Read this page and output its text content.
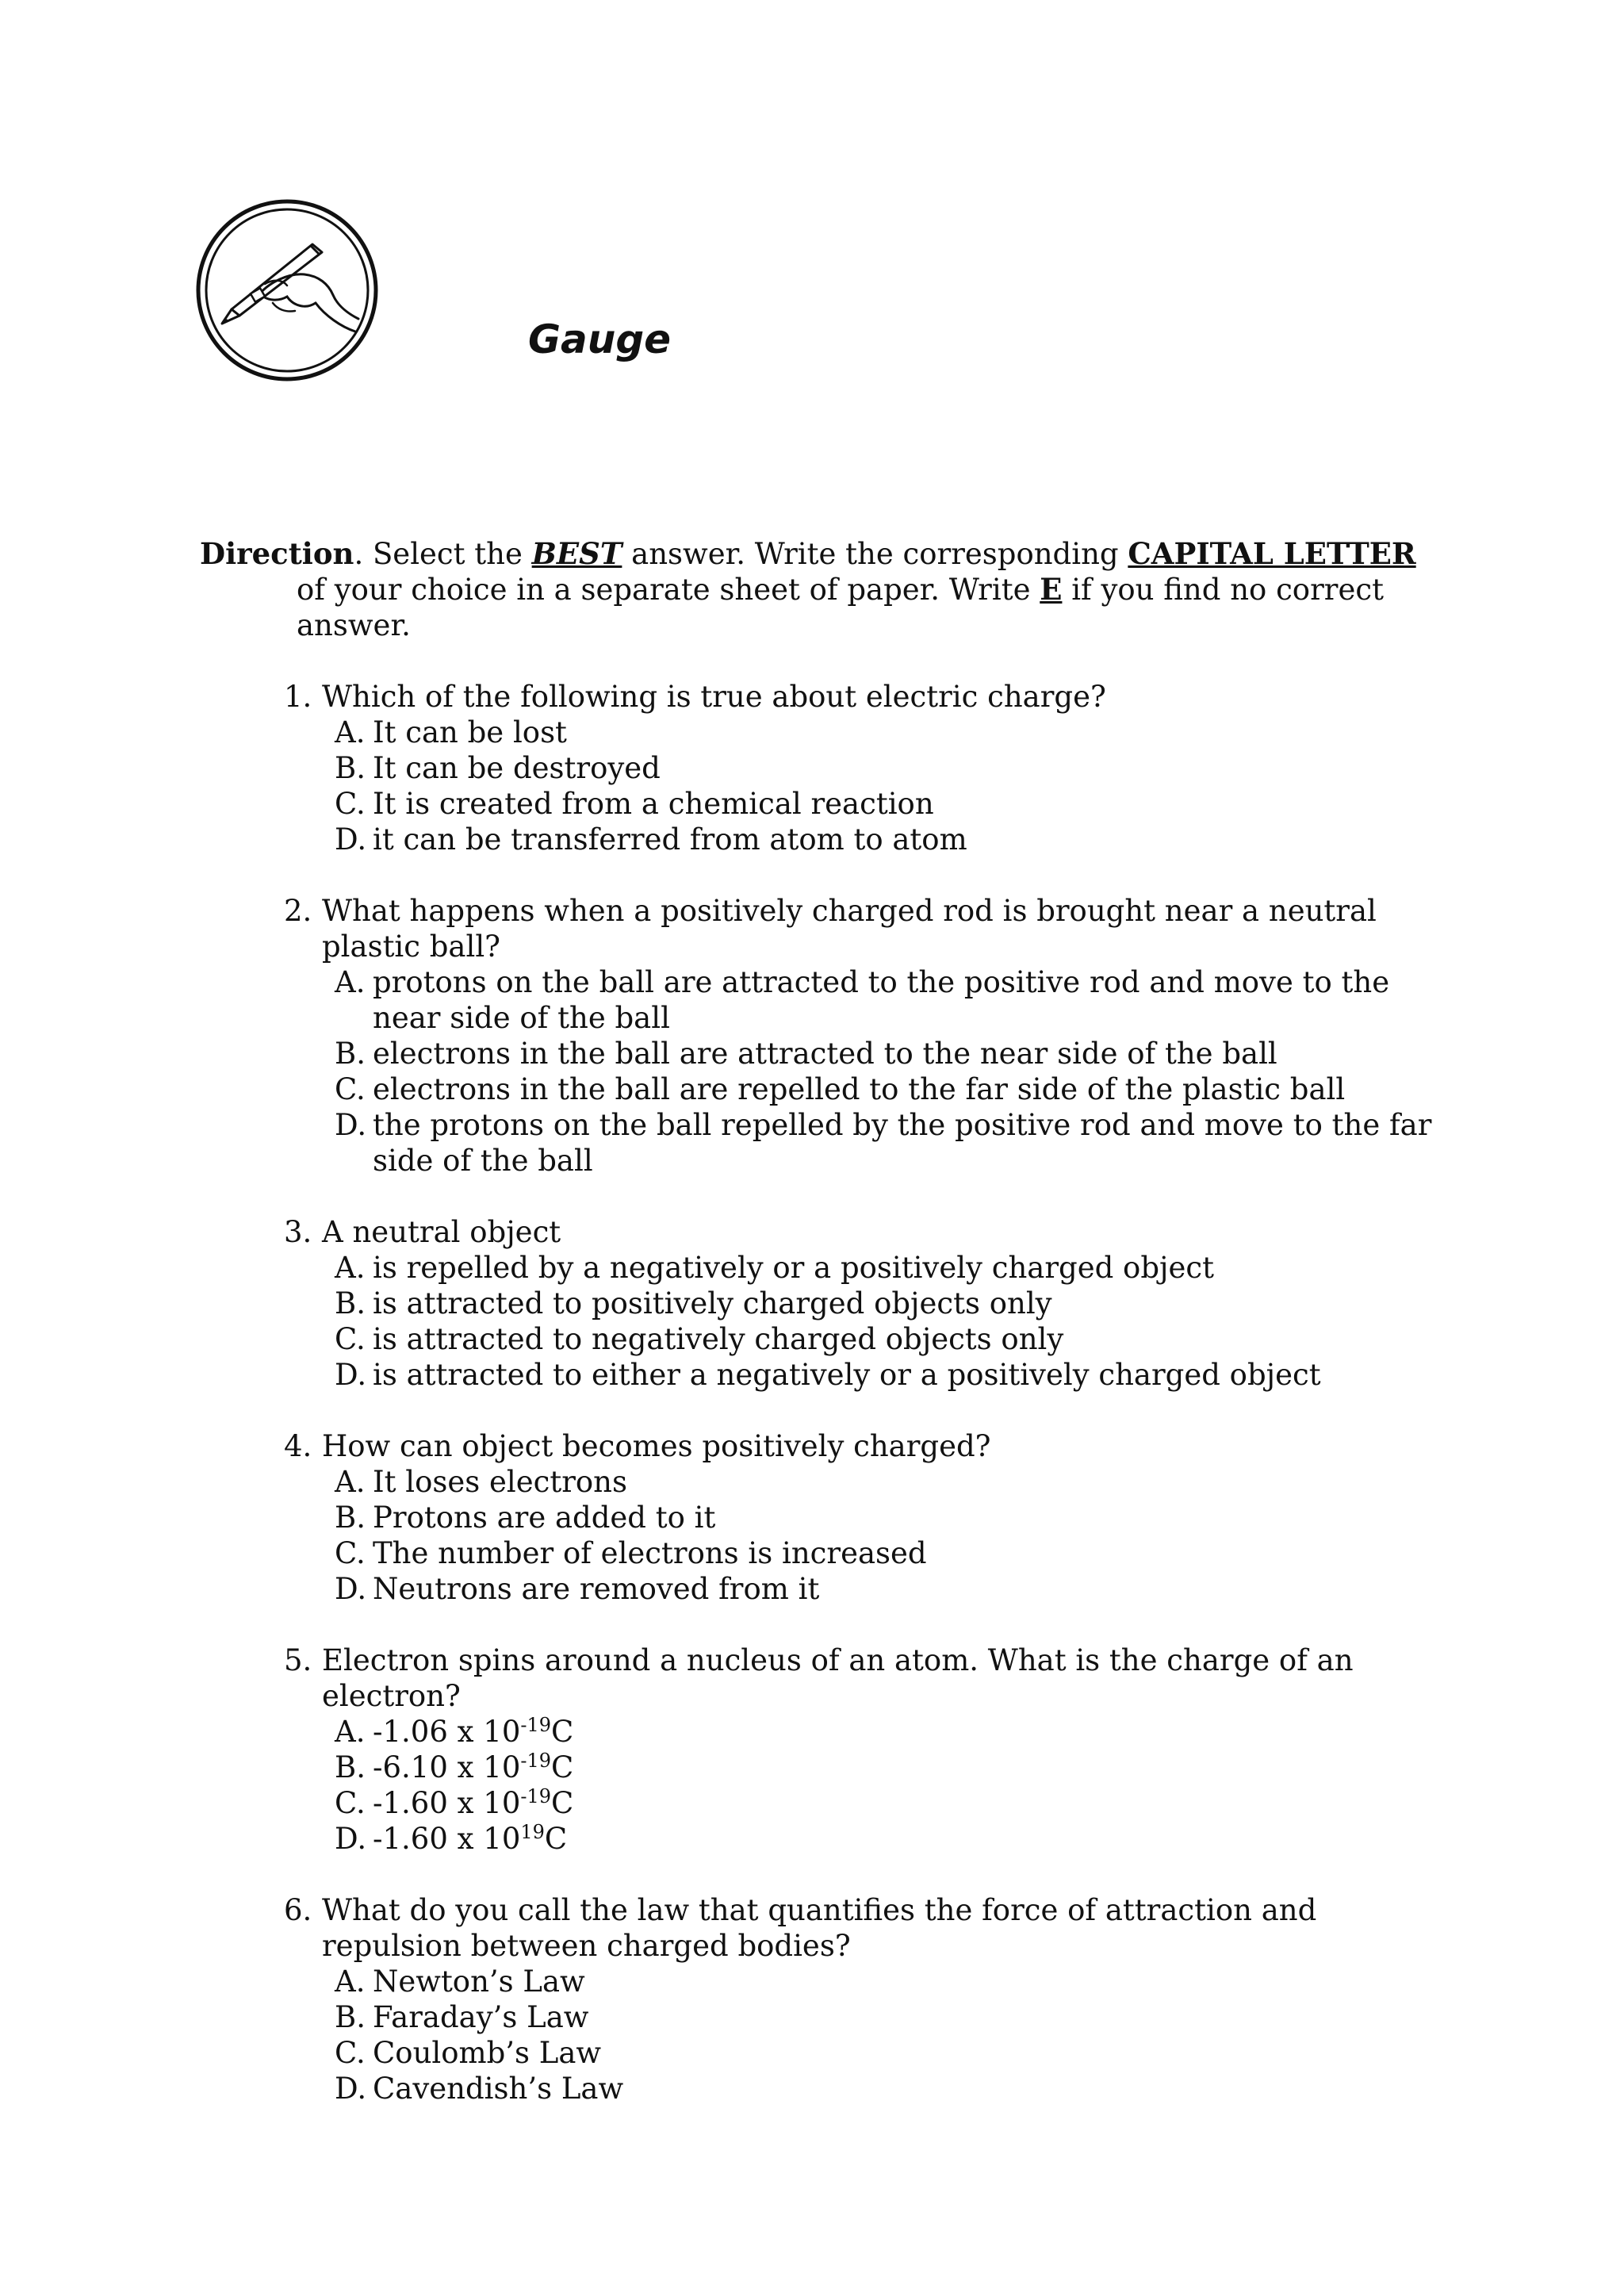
Gauge

Direction. Select the BEST answer. Write the corresponding CAPITAL LETTER of your choice in a separate sheet of paper. Write E if you find no correct answer.

1. Which of the following is true about electric charge?
A. It can be lost
B. It can be destroyed
C. It is created from a chemical reaction
D. it can be transferred from atom to atom
2. What happens when a positively charged rod is brought near a neutral plastic ball?
A. protons on the ball are attracted to the positive rod and move to the near side of the ball
B. electrons in the ball are attracted to the near side of the ball
C. electrons in the ball are repelled to the far side of the plastic ball
D. the protons on the ball repelled by the positive rod and move to the far side of the ball
3. A neutral object
A. is repelled by a negatively or a positively charged object
B. is attracted to positively charged objects only
C. is attracted to negatively charged objects only
D. is attracted to either a negatively or a positively charged object
4. How can object becomes positively charged?
A. It loses electrons
B. Protons are added to it
C. The number of electrons is increased
D. Neutrons are removed from it
5. Electron spins around a nucleus of an atom. What is the charge of an electron?
A. -1.06 x $10^{-19}C$
B. -6.10 x $10^{-19}C$
C. -1.60 x $10^{-19}C$
D. -1.60 x $10^{19}C$
6. What do you call the law that quantifies the force of attraction and repulsion between charged bodies?
A. Newton’s Law
B. Faraday’s Law
C. Coulomb’s Law
D. Cavendish’s Law
